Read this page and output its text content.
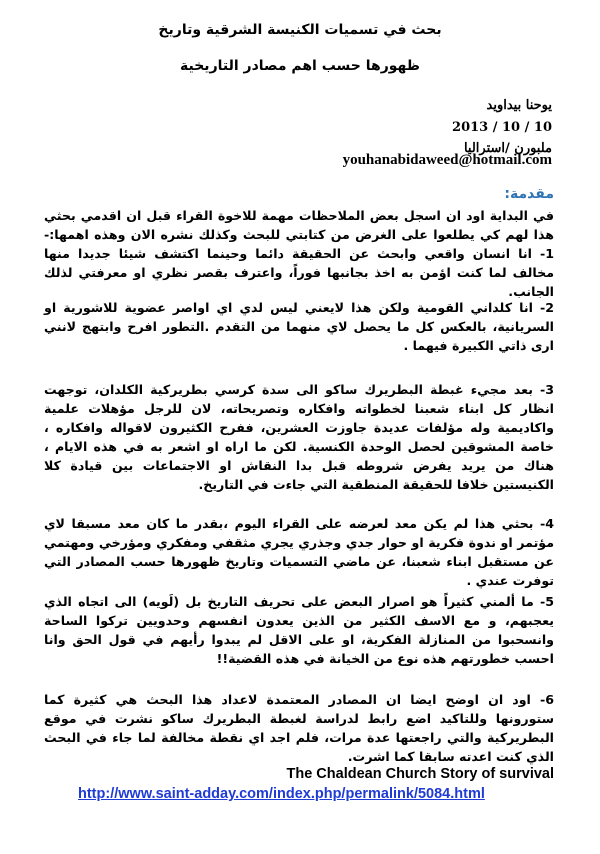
بحث في تسميات الكنيسة الشرقية وتاريخ
ظهورها حسب اهم مصادر التاريخية
يوحنا بيداويد
2013 / 10 / 10
ملبورن /استراليا
youhanabidaweed@hotmail.com
مقدمة:
في البداية اود ان اسجل بعض الملاحظات مهمة للاخوة القراء قبل ان اقدمي بحثي هذا لهم كي يطلعوا على الغرض من كتابتي للبحث وكذلك نشره الان وهذه اهمها:- 1- انا انسان واقعي وابحث عن الحقيقة دائما وحينما اكتشف شيئا جديدا منها مخالف لما كنت اؤمن به اخذ بجانبها فوراً، واعترف بقصر نظري او معرفتي لذلك الجانب.
2- انا كلداني القومية ولكن هذا لايعني ليس لدي اي اواصر عضوية للاشورية او السريانية، بالعكس كل ما يحصل لاي منهما من التقدم .التطور افرح وابتهج لانني ارى ذاتي الكبيرة فيهما .
3- بعد مجيء غبطة البطريرك ساكو الى سدة كرسي بطريركية الكلدان، توجهت انظار كل ابناء شعبنا لخطواته وافكاره وتصريحاته، لان للرجل مؤهلات علمية واكاديمية وله مؤلفات عديدة جاوزت العشرين، ففرح الكثيرون لاقواله وافكاره ، خاصة المشوقين لحصل الوحدة الكنسية. لكن ما اراه او اشعر به في هذه الايام ، هناك من يريد يفرض شروطه قبل بدا النقاش او الاجتماعات بين قيادة كلا الكنيستين خلافا للحقيقة المنطقية التي جاءت في التاريخ.
4- بحثي هذا لم يكن معد لعرضه على القراء اليوم ،بقدر ما كان معد مسبقا لاي مؤتمر او ندوة فكرية او حوار جدي وجذري يجري مثقفي ومفكري ومؤرخي ومهتمي عن مستقبل ابناء شعبنا، عن ماضي التسميات وتاريخ ظهورها حسب المصادر التي توفرت عندي .
5- ما ألمني كثيراً هو اصرار البعض على تحريف التاريخ بل (لَويه) الى اتجاه الذي يعجبهم، و مع الاسف الكثير من الذين يعدون انفسهم وحدويين تركوا الساحة وانسحبوا من المنازلة الفكرية، او على الاقل لم يبدوا رأيهم في قول الحق وانا احسب خطورتهم هذه نوع من الخيانة في هذه القضية!!
6- اود ان اوضح ايضا ان المصادر المعتمدة لاعداد هذا البحث هي كثيرة كما ستورونها وللتاكيد اضع رابط لدراسة لغبطة البطريرك ساكو نشرت في موقع البطريركية والتي راجعتها عدة مرات، فلم اجد اي نقطة مخالفة لما جاء في البحث الذي كنت اعدته سابقا كما اشرت.
The Chaldean Church Story of survival
http://www.saint-adday.com/index.php/permalink/5084.html
